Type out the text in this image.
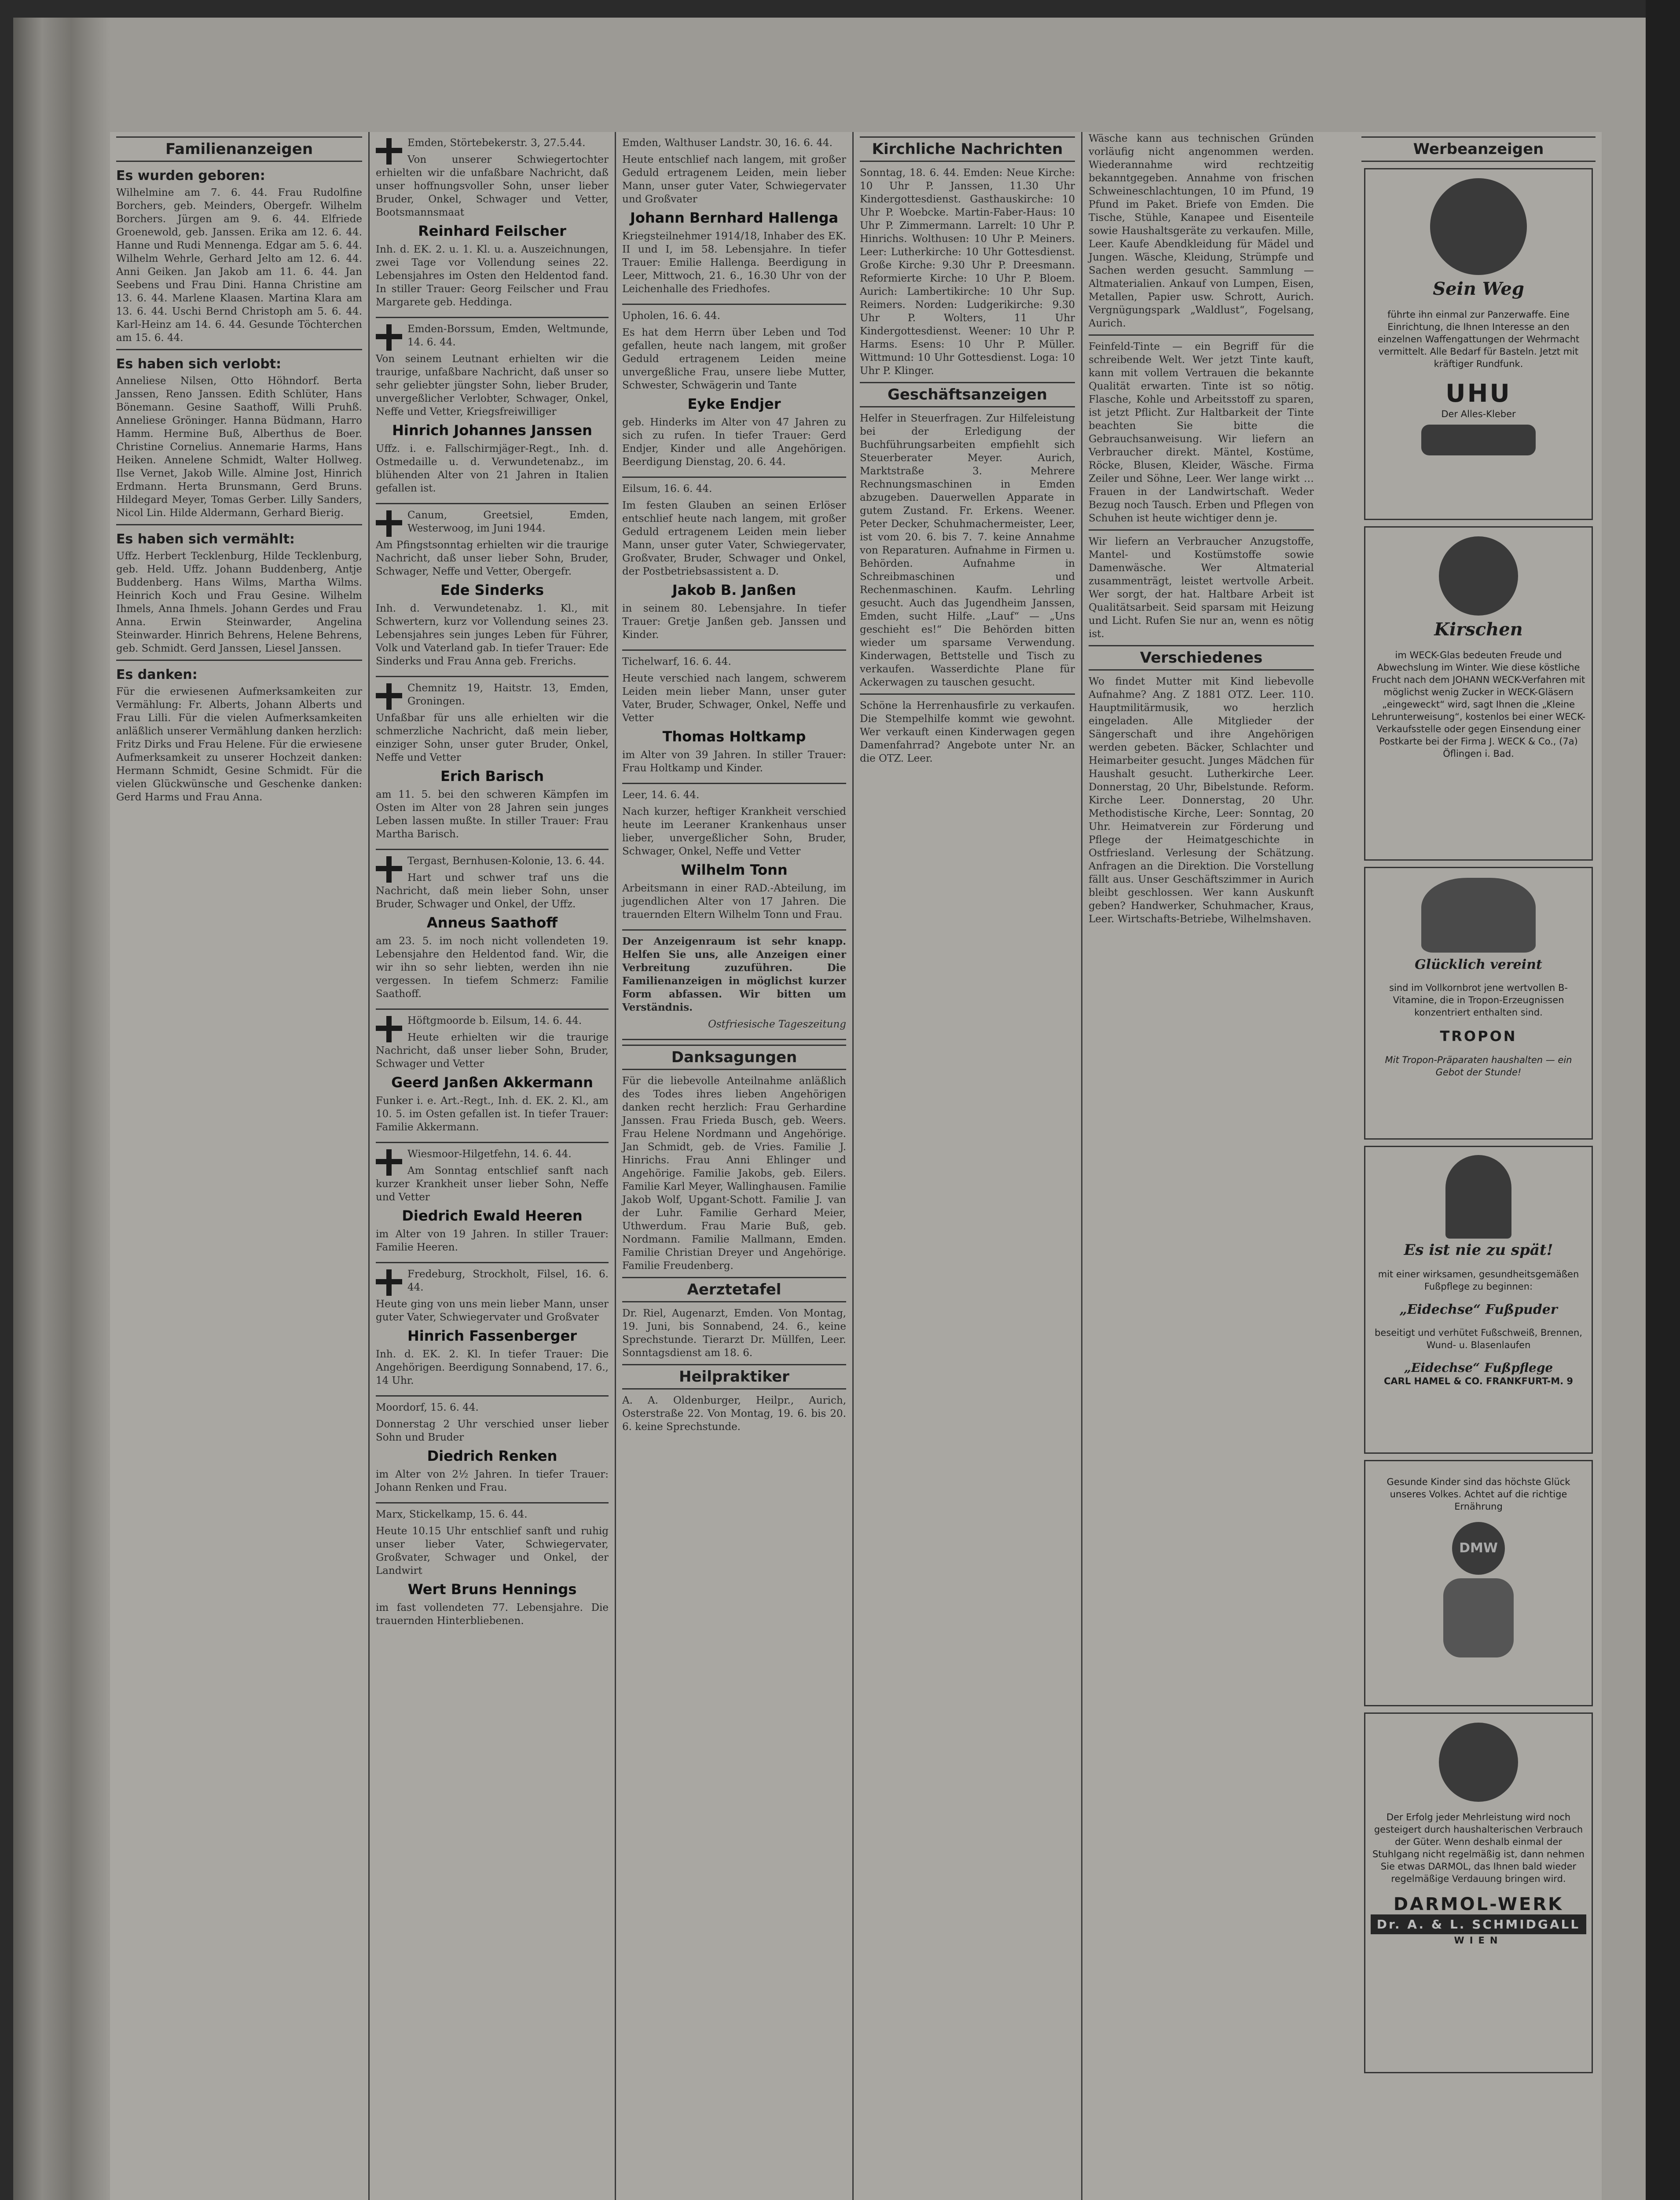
Familienanzeigen
Es wurden geboren:

Wilhelmine am 7. 6. 44. Frau Rudolfine Borchers, geb. Meinders, Obergefr. Wilhelm Borchers. Jürgen am 9. 6. 44. Elfriede Groenewold, geb. Janssen. Erika am 12. 6. 44. Hanne und Rudi Mennenga. Edgar am 5. 6. 44. Wilhelm Wehrle, Gerhard Jelto am 12. 6. 44. Anni Geiken. Jan Jakob am 11. 6. 44. Jan Seebens und Frau Dini. Hanna Christine am 13. 6. 44. Marlene Klaasen. Martina Klara am 13. 6. 44. Uschi Bernd Christoph am 5. 6. 44. Karl-Heinz am 14. 6. 44. Gesunde Töchterchen am 15. 6. 44.

Es haben sich verlobt:

Anneliese Nilsen, Otto Höhndorf. Berta Janssen, Reno Janssen. Edith Schlüter, Hans Bönemann. Gesine Saathoff, Willi Pruhß. Anneliese Gröninger. Hanna Büdmann, Harro Hamm. Hermine Buß, Alberthus de Boer. Christine Cornelius. Annemarie Harms, Hans Heiken. Annelene Schmidt, Walter Hollweg. Ilse Vernet, Jakob Wille. Almine Jost, Hinrich Erdmann. Herta Brunsmann, Gerd Bruns. Hildegard Meyer, Tomas Gerber. Lilly Sanders, Nicol Lin. Hilde Aldermann, Gerhard Bierig.

Es haben sich vermählt:

Uffz. Herbert Tecklenburg, Hilde Tecklenburg, geb. Held. Uffz. Johann Buddenberg, Antje Buddenberg. Hans Wilms, Martha Wilms. Heinrich Koch und Frau Gesine. Wilhelm Ihmels, Anna Ihmels. Johann Gerdes und Frau Anna. Erwin Steinwarder, Angelina Steinwarder. Hinrich Behrens, Helene Behrens, geb. Schmidt. Gerd Janssen, Liesel Janssen.

Es danken:

Für die erwiesenen Aufmerksamkeiten zur Vermählung: Fr. Alberts, Johann Alberts und Frau Lilli. Für die vielen Aufmerksamkeiten anläßlich unserer Vermählung danken herzlich: Fritz Dirks und Frau Helene. Für die erwiesene Aufmerksamkeit zu unserer Hochzeit danken: Hermann Schmidt, Gesine Schmidt. Für die vielen Glückwünsche und Geschenke danken: Gerd Harms und Frau Anna.

Emden, Störtebekerstr. 3, 27.5.44.

Von unserer Schwiegertochter erhielten wir die unfaßbare Nachricht, daß unser hoffnungsvoller Sohn, unser lieber Bruder, Onkel, Schwager und Vetter, Bootsmannsmaat

Reinhard Feilscher

Inh. d. EK. 2. u. 1. Kl. u. a. Auszeichnungen, zwei Tage vor Vollendung seines 22. Lebensjahres im Osten den Heldentod fand. In stiller Trauer: Georg Feilscher und Frau Margarete geb. Heddinga.

Emden-Borssum, Emden, Weltmunde, 14. 6. 44.

Von seinem Leutnant erhielten wir die traurige, unfaßbare Nachricht, daß unser so sehr geliebter jüngster Sohn, lieber Bruder, unvergeßlicher Verlobter, Schwager, Onkel, Neffe und Vetter, Kriegsfreiwilliger

Hinrich Johannes Janssen

Uffz. i. e. Fallschirmjäger-Regt., Inh. d. Ostmedaille u. d. Verwundetenabz., im blühenden Alter von 21 Jahren in Italien gefallen ist.

Canum, Greetsiel, Emden, Westerwoog, im Juni 1944.

Am Pfingstsonntag erhielten wir die traurige Nachricht, daß unser lieber Sohn, Bruder, Schwager, Neffe und Vetter, Obergefr.

Ede Sinderks

Inh. d. Verwundetenabz. 1. Kl., mit Schwertern, kurz vor Vollendung seines 23. Lebensjahres sein junges Leben für Führer, Volk und Vaterland gab. In tiefer Trauer: Ede Sinderks und Frau Anna geb. Frerichs.

Chemnitz 19, Haitstr. 13, Emden, Groningen.

Unfaßbar für uns alle erhielten wir die schmerzliche Nachricht, daß mein lieber, einziger Sohn, unser guter Bruder, Onkel, Neffe und Vetter

Erich Barisch

am 11. 5. bei den schweren Kämpfen im Osten im Alter von 28 Jahren sein junges Leben lassen mußte. In stiller Trauer: Frau Martha Barisch.

Tergast, Bernhusen-Kolonie, 13. 6. 44.

Hart und schwer traf uns die Nachricht, daß mein lieber Sohn, unser Bruder, Schwager und Onkel, der Uffz.

Anneus Saathoff

am 23. 5. im noch nicht vollendeten 19. Lebensjahre den Heldentod fand. Wir, die wir ihn so sehr liebten, werden ihn nie vergessen. In tiefem Schmerz: Familie Saathoff.

Höftgmoorde b. Eilsum, 14. 6. 44.

Heute erhielten wir die traurige Nachricht, daß unser lieber Sohn, Bruder, Schwager und Vetter

Geerd Janßen Akkermann

Funker i. e. Art.-Regt., Inh. d. EK. 2. Kl., am 10. 5. im Osten gefallen ist. In tiefer Trauer: Familie Akkermann.

Wiesmoor-Hilgetfehn, 14. 6. 44.

Am Sonntag entschlief sanft nach kurzer Krankheit unser lieber Sohn, Neffe und Vetter

Diedrich Ewald Heeren

im Alter von 19 Jahren. In stiller Trauer: Familie Heeren.

Fredeburg, Strockholt, Filsel, 16. 6. 44.

Heute ging von uns mein lieber Mann, unser guter Vater, Schwiegervater und Großvater

Hinrich Fassenberger

Inh. d. EK. 2. Kl. In tiefer Trauer: Die Angehörigen. Beerdigung Sonnabend, 17. 6., 14 Uhr.

Moordorf, 15. 6. 44.

Donnerstag 2 Uhr verschied unser lieber Sohn und Bruder

Diedrich Renken

im Alter von 2½ Jahren. In tiefer Trauer: Johann Renken und Frau.

Marx, Stickelkamp, 15. 6. 44.

Heute 10.15 Uhr entschlief sanft und ruhig unser lieber Vater, Schwiegervater, Großvater, Schwager und Onkel, der Landwirt

Wert Bruns Hennings

im fast vollendeten 77. Lebensjahre. Die trauernden Hinterbliebenen.

Emden, Walthuser Landstr. 30, 16. 6. 44.

Heute entschlief nach langem, mit großer Geduld ertragenem Leiden, mein lieber Mann, unser guter Vater, Schwiegervater und Großvater

Johann Bernhard Hallenga

Kriegsteilnehmer 1914/18, Inhaber des EK. II und I, im 58. Lebensjahre. In tiefer Trauer: Emilie Hallenga. Beerdigung in Leer, Mittwoch, 21. 6., 16.30 Uhr von der Leichenhalle des Friedhofes.

Upholen, 16. 6. 44.

Es hat dem Herrn über Leben und Tod gefallen, heute nach langem, mit großer Geduld ertragenem Leiden meine unvergeßliche Frau, unsere liebe Mutter, Schwester, Schwägerin und Tante

Eyke Endjer

geb. Hinderks im Alter von 47 Jahren zu sich zu rufen. In tiefer Trauer: Gerd Endjer, Kinder und alle Angehörigen. Beerdigung Dienstag, 20. 6. 44.

Eilsum, 16. 6. 44.

Im festen Glauben an seinen Erlöser entschlief heute nach langem, mit großer Geduld ertragenem Leiden mein lieber Mann, unser guter Vater, Schwiegervater, Großvater, Bruder, Schwager und Onkel, der Postbetriebsassistent a. D.

Jakob B. Janßen

in seinem 80. Lebensjahre. In tiefer Trauer: Gretje Janßen geb. Janssen und Kinder.

Tichelwarf, 16. 6. 44.

Heute verschied nach langem, schwerem Leiden mein lieber Mann, unser guter Vater, Bruder, Schwager, Onkel, Neffe und Vetter

Thomas Holtkamp

im Alter von 39 Jahren. In stiller Trauer: Frau Holtkamp und Kinder.

Leer, 14. 6. 44.

Nach kurzer, heftiger Krankheit verschied heute im Leeraner Krankenhaus unser lieber, unvergeßlicher Sohn, Bruder, Schwager, Onkel, Neffe und Vetter

Wilhelm Tonn

Arbeitsmann in einer RAD.-Abteilung, im jugendlichen Alter von 17 Jahren. Die trauernden Eltern Wilhelm Tonn und Frau.

Der Anzeigenraum ist sehr knapp. Helfen Sie uns, alle Anzeigen einer Verbreitung zuzuführen. Die Familienanzeigen in möglichst kurzer Form abfassen. Wir bitten um Verständnis.

Ostfriesische Tageszeitung

Danksagungen

Für die liebevolle Anteilnahme anläßlich des Todes ihres lieben Angehörigen danken recht herzlich: Frau Gerhardine Janssen. Frau Frieda Busch, geb. Weers. Frau Helene Nordmann und Angehörige. Jan Schmidt, geb. de Vries. Familie J. Hinrichs. Frau Anni Ehlinger und Angehörige. Familie Jakobs, geb. Eilers. Familie Karl Meyer, Wallinghausen. Familie Jakob Wolf, Upgant-Schott. Familie J. van der Luhr. Familie Gerhard Meier, Uthwerdum. Frau Marie Buß, geb. Nordmann. Familie Mallmann, Emden. Familie Christian Dreyer und Angehörige. Familie Freudenberg.

Aerztetafel

Dr. Riel, Augenarzt, Emden. Von Montag, 19. Juni, bis Sonnabend, 24. 6., keine Sprechstunde. Tierarzt Dr. Müllfen, Leer. Sonntagsdienst am 18. 6.

Heilpraktiker

A. A. Oldenburger, Heilpr., Aurich, Osterstraße 22. Von Montag, 19. 6. bis 20. 6. keine Sprechstunde.

Kirchliche Nachrichten

Sonntag, 18. 6. 44. Emden: Neue Kirche: 10 Uhr P. Janssen, 11.30 Uhr Kindergottesdienst. Gasthauskirche: 10 Uhr P. Woebcke. Martin-Faber-Haus: 10 Uhr P. Zimmermann. Larrelt: 10 Uhr P. Hinrichs. Wolthusen: 10 Uhr P. Meiners. Leer: Lutherkirche: 10 Uhr Gottesdienst. Große Kirche: 9.30 Uhr P. Dreesmann. Reformierte Kirche: 10 Uhr P. Bloem. Aurich: Lambertikirche: 10 Uhr Sup. Reimers. Norden: Ludgerikirche: 9.30 Uhr P. Wolters, 11 Uhr Kindergottesdienst. Weener: 10 Uhr P. Harms. Esens: 10 Uhr P. Müller. Wittmund: 10 Uhr Gottesdienst. Loga: 10 Uhr P. Klinger.

Geschäftsanzeigen

Helfer in Steuerfragen. Zur Hilfeleistung bei der Erledigung der Buchführungsarbeiten empfiehlt sich Steuerberater Meyer. Aurich, Marktstraße 3. Mehrere Rechnungsmaschinen in Emden abzugeben. Dauerwellen Apparate in gutem Zustand. Fr. Erkens. Weener. Peter Decker, Schuhmachermeister, Leer, ist vom 20. 6. bis 7. 7. keine Annahme von Reparaturen. Aufnahme in Firmen u. Behörden. Aufnahme in Schreibmaschinen und Rechenmaschinen. Kaufm. Lehrling gesucht. Auch das Jugendheim Janssen, Emden, sucht Hilfe. „Lauf“ — „Uns geschieht es!“ Die Behörden bitten wieder um sparsame Verwendung. Kinderwagen, Bettstelle und Tisch zu verkaufen. Wasserdichte Plane für Ackerwagen zu tauschen gesucht.

Schöne la Herrenhausfirle zu verkaufen. Die Stempelhilfe kommt wie gewohnt. Wer verkauft einen Kinderwagen gegen Damenfahrrad? Angebote unter Nr. an die OTZ. Leer.

Wäsche kann aus technischen Gründen vorläufig nicht angenommen werden. Wiederannahme wird rechtzeitig bekanntgegeben. Annahme von frischen Schweineschlachtungen, 10 im Pfund, 19 Pfund im Paket. Briefe von Emden. Die Tische, Stühle, Kanapee und Eisenteile sowie Haushaltsgeräte zu verkaufen. Mille, Leer. Kaufe Abendkleidung für Mädel und Jungen. Wäsche, Kleidung, Strümpfe und Sachen werden gesucht. Sammlung — Altmaterialien. Ankauf von Lumpen, Eisen, Metallen, Papier usw. Schrott, Aurich. Vergnügungspark „Waldlust“, Fogelsang, Aurich.

Feinfeld-Tinte — ein Begriff für die schreibende Welt. Wer jetzt Tinte kauft, kann mit vollem Vertrauen die bekannte Qualität erwarten. Tinte ist so nötig. Flasche, Kohle und Arbeitsstoff zu sparen, ist jetzt Pflicht. Zur Haltbarkeit der Tinte beachten Sie bitte die Gebrauchsanweisung. Wir liefern an Verbraucher direkt. Mäntel, Kostüme, Röcke, Blusen, Kleider, Wäsche. Firma Zeiler und Söhne, Leer. Wer lange wirkt … Frauen in der Landwirtschaft. Weder Bezug noch Tausch. Erben und Pflegen von Schuhen ist heute wichtiger denn je.

Wir liefern an Verbraucher Anzugstoffe, Mantel- und Kostümstoffe sowie Damenwäsche. Wer Altmaterial zusammenträgt, leistet wertvolle Arbeit. Wer sorgt, der hat. Haltbare Arbeit ist Qualitätsarbeit. Seid sparsam mit Heizung und Licht. Rufen Sie nur an, wenn es nötig ist.

Verschiedenes

Wo findet Mutter mit Kind liebevolle Aufnahme? Ang. Z 1881 OTZ. Leer. 110. Hauptmilitärmusik, wo herzlich eingeladen. Alle Mitglieder der Sängerschaft und ihre Angehörigen werden gebeten. Bäcker, Schlachter und Heimarbeiter gesucht. Junges Mädchen für Haushalt gesucht. Lutherkirche Leer. Donnerstag, 20 Uhr, Bibelstunde. Reform. Kirche Leer. Donnerstag, 20 Uhr. Methodistische Kirche, Leer: Sonntag, 20 Uhr. Heimatverein zur Förderung und Pflege der Heimatgeschichte in Ostfriesland. Verlesung der Schätzung. Anfragen an die Direktion. Die Vorstellung fällt aus. Unser Geschäftszimmer in Aurich bleibt geschlossen. Wer kann Auskunft geben? Handwerker, Schuhmacher, Kraus, Leer. Wirtschafts-Betriebe, Wilhelmshaven.

Werbeanzeigen
Sein Weg

führte ihn einmal zur Panzerwaffe. Eine Einrichtung, die Ihnen Interesse an den einzelnen Waffengattungen der Wehrmacht vermittelt. Alle Bedarf für Basteln. Jetzt mit kräftiger Rundfunk.

UHU
Der Alles-Kleber
Kirschen

im WECK-Glas bedeuten Freude und Abwechslung im Winter. Wie diese köstliche Frucht nach dem JOHANN WECK-Verfahren mit möglichst wenig Zucker in WECK-Gläsern „eingeweckt“ wird, sagt Ihnen die „Kleine Lehrunterweisung“, kostenlos bei einer WECK-Verkaufsstelle oder gegen Einsendung einer Postkarte bei der Firma J. WECK & Co., (7a) Öflingen i. Bad.

Glücklich vereint

sind im Vollkornbrot jene wertvollen B-Vitamine, die in Tropon-Erzeugnissen konzentriert enthalten sind.

TROPON

Mit Tropon-Präparaten haushalten — ein Gebot der Stunde!

Es ist nie zu spät!

mit einer wirksamen, gesundheitsgemäßen Fußpflege zu beginnen:

„Eidechse“ Fußpuder

beseitigt und verhütet Fußschweiß, Brennen, Wund- u. Blasenlaufen

„Eidechse“ Fußpflege
CARL HAMEL & CO. FRANKFURT-M. 9

Gesunde Kinder sind das höchste Glück unseres Volkes. Achtet auf die richtige Ernährung

DMW

Der Erfolg jeder Mehrleistung wird noch gesteigert durch haushalterischen Verbrauch der Güter. Wenn deshalb einmal der Stuhlgang nicht regelmäßig ist, dann nehmen Sie etwas DARMOL, das Ihnen bald wieder regelmäßige Verdauung bringen wird.

DARMOL-WERK
Dr. A. & L. SCHMIDGALL
WIEN
